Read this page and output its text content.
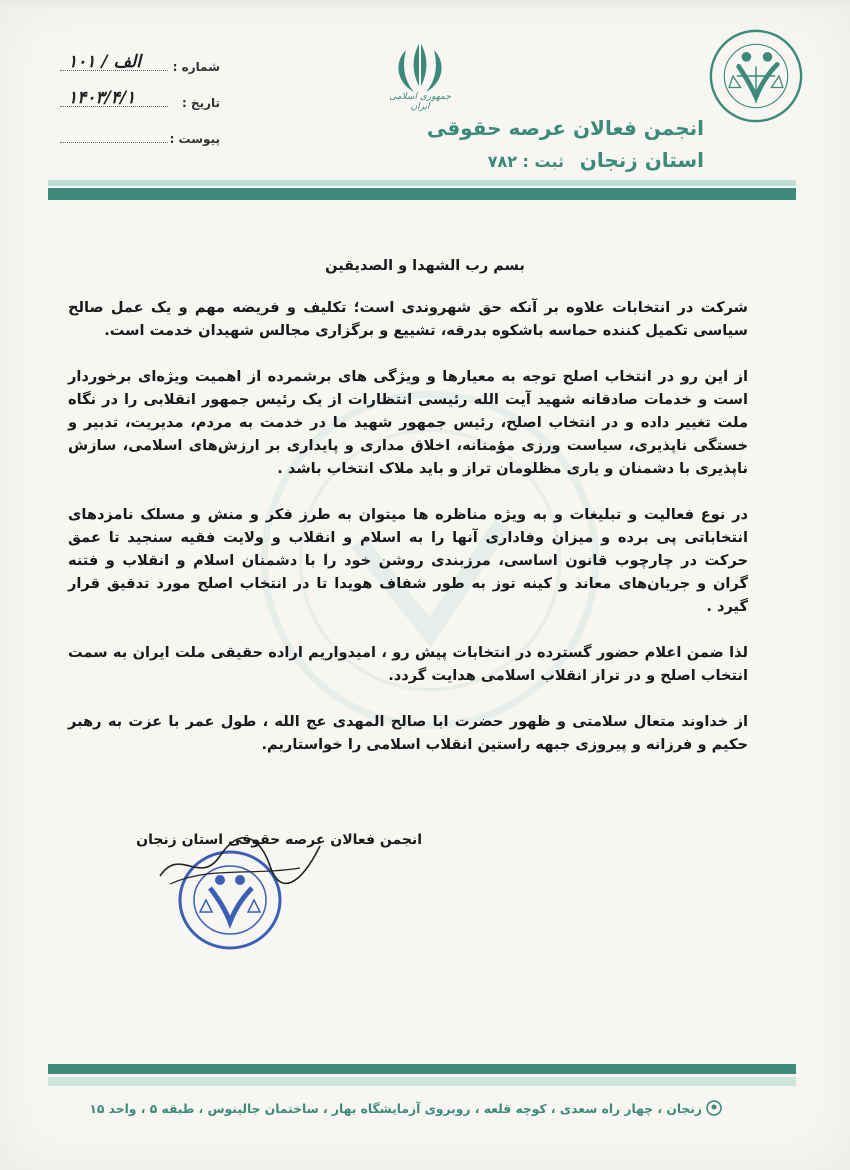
جمهوری اسلامی ایران
انجمن فعالان عرصه حقوقی
استان زنجان
ثبت : ۷۸۲
شماره :
۱۰۱ / الف
تاریخ :
۱۴۰۳/۴/۱
پیوست :
بسم رب الشهدا و الصدیقین

شرکت در انتخابات علاوه بر آنکه حق شهروندی است؛ تکلیف و فریضه مهم و یک عمل صالح سیاسی تکمیل کننده حماسه باشکوه بدرقه، تشییع و برگزاری مجالس شهیدان خدمت است.

از این رو در انتخاب اصلح توجه به معیارها و ویژگی های برشمرده از اهمیت ویژه‌ای برخوردار است و خدمات صادقانه شهید آیت الله رئیسی انتظارات از یک رئیس جمهور انقلابی را در نگاه ملت تغییر داده و در انتخاب اصلح، رئیس جمهور شهید ما در خدمت به مردم، مدیریت، تدبیر و خستگی ناپذیری، سیاست ورزی مؤمنانه، اخلاق مداری و پایداری بر ارزش‌های اسلامی، سازش ناپذیری با دشمنان و یاری مظلومان تراز و باید ملاک انتخاب باشد .

در نوع فعالیت و تبلیغات و به ویژه مناظره ها میتوان به طرز فکر و منش و مسلک نامزدهای انتخاباتی پی برده و میزان وفاداری آنها را به اسلام و انقلاب و ولایت فقیه سنجید تا عمق حرکت در چارچوب قانون اساسی، مرزبندی روشن خود را با دشمنان اسلام و انقلاب و فتنه گران و جریان‌های معاند و کینه توز به طور شفاف هویدا تا در انتخاب اصلح مورد تدقیق قرار گیرد .

لذا ضمن اعلام حضور گسترده در انتخابات پیش رو ، امیدواریم اراده حقیقی ملت ایران به سمت انتخاب اصلح و در تراز انقلاب اسلامی هدایت گردد.

از خداوند متعال سلامتی و ظهور حضرت ابا صالح المهدی عج الله ، طول عمر با عزت به رهبر حکیم و فرزانه و پیروزی جبهه راستین انقلاب اسلامی را خواستاریم.

انجمن فعالان عرصه حقوقی استان زنجان
زنجان ، چهار راه سعدی ، کوچه قلعه ، روبروی آزمایشگاه بهار ، ساختمان جالینوس ، طبقه ۵ ، واحد ۱۵
